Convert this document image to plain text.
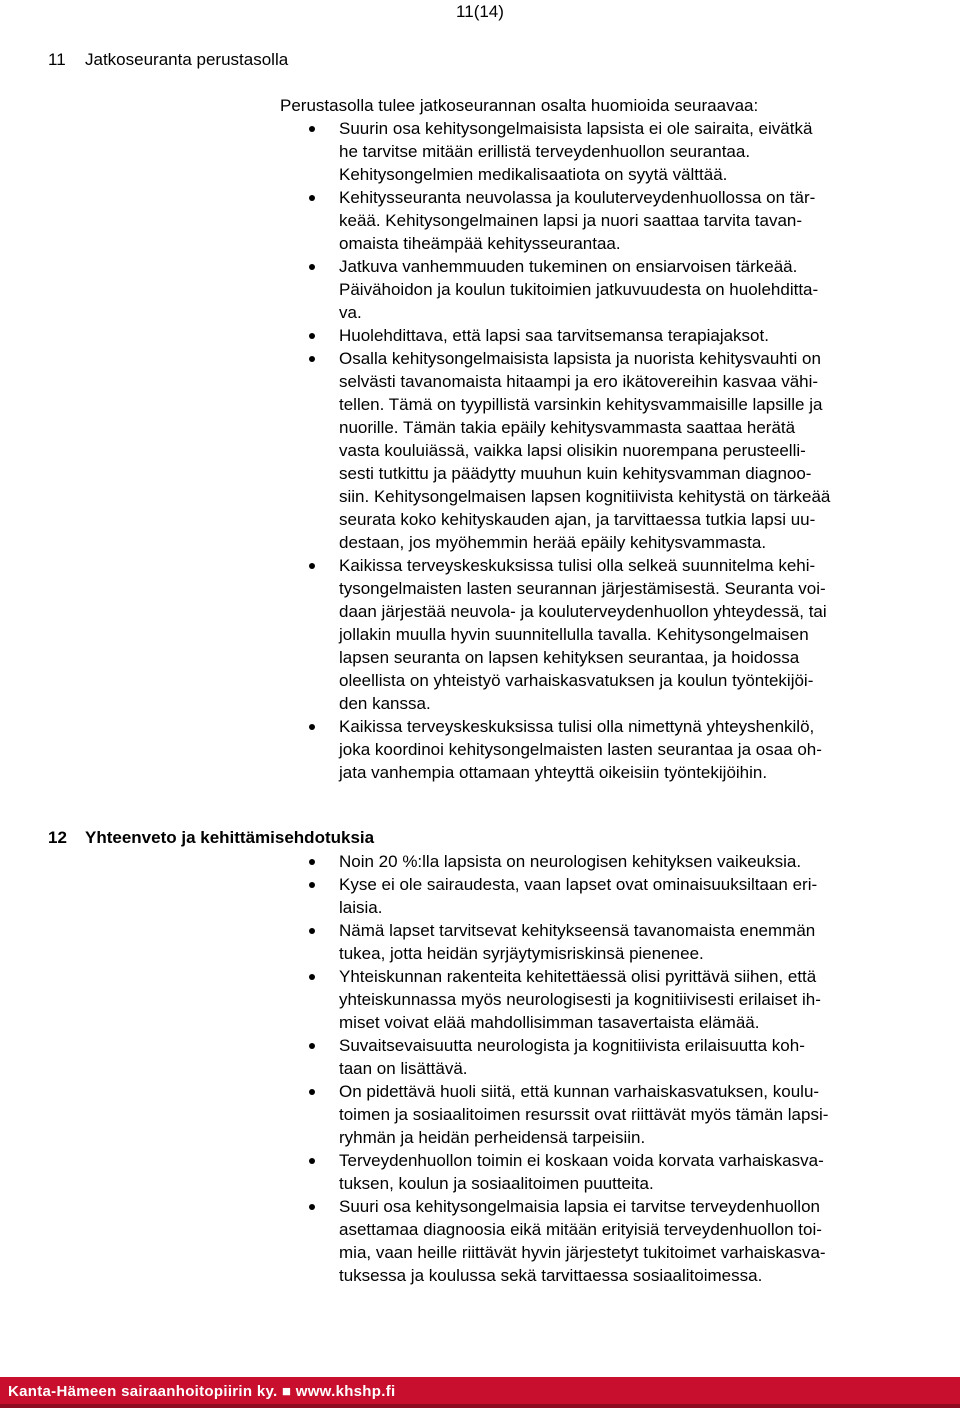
11(14)
11 Jatkoseuranta perustasolla

Perustasolla tulee jatkoseurannan osalta huomioida seuraavaa:

Suurin osa kehitysongelmaisista lapsista ei ole sairaita, eivätkä
he tarvitse mitään erillistä terveydenhuollon seurantaa.
Kehitysongelmien medikalisaatiota on syytä välttää.
Kehitysseuranta neuvolassa ja kouluterveydenhuollossa on tär-
keää. Kehitysongelmainen lapsi ja nuori saattaa tarvita tavan-
omaista tiheämpää kehitysseurantaa.
Jatkuva vanhemmuuden tukeminen on ensiarvoisen tärkeää.
Päivähoidon ja koulun tukitoimien jatkuvuudesta on huolehditta-
va.
Huolehdittava, että lapsi saa tarvitsemansa terapiajaksot.
Osalla kehitysongelmaisista lapsista ja nuorista kehitysvauhti on
selvästi tavanomaista hitaampi ja ero ikätovereihin kasvaa vähi-
tellen. Tämä on tyypillistä varsinkin kehitysvammaisille lapsille ja
nuorille. Tämän takia epäily kehitysvammasta saattaa herätä
vasta kouluiässä, vaikka lapsi olisikin nuorempana perusteelli-
sesti tutkittu ja päädytty muuhun kuin kehitysvamman diagnoo-
siin. Kehitysongelmaisen lapsen kognitiivista kehitystä on tärkeää
seurata koko kehityskauden ajan, ja tarvittaessa tutkia lapsi uu-
destaan, jos myöhemmin herää epäily kehitysvammasta.
Kaikissa terveyskeskuksissa tulisi olla selkeä suunnitelma kehi-
tysongelmaisten lasten seurannan järjestämisestä. Seuranta voi-
daan järjestää neuvola- ja kouluterveydenhuollon yhteydessä, tai
jollakin muulla hyvin suunnitellulla tavalla. Kehitysongelmaisen
lapsen seuranta on lapsen kehityksen seurantaa, ja hoidossa
oleellista on yhteistyö varhaiskasvatuksen ja koulun työntekijöi-
den kanssa.
Kaikissa terveyskeskuksissa tulisi olla nimettynä yhteyshenkilö,
joka koordinoi kehitysongelmaisten lasten seurantaa ja osaa oh-
jata vanhempia ottamaan yhteyttä oikeisiin työntekijöihin.
12 Yhteenveto ja kehittämisehdotuksia
Noin 20 %:lla lapsista on neurologisen kehityksen vaikeuksia.
Kyse ei ole sairaudesta, vaan lapset ovat ominaisuuksiltaan eri-
laisia.
Nämä lapset tarvitsevat kehitykseensä tavanomaista enemmän
tukea, jotta heidän syrjäytymisriskinsä pienenee.
Yhteiskunnan rakenteita kehitettäessä olisi pyrittävä siihen, että
yhteiskunnassa myös neurologisesti ja kognitiivisesti erilaiset ih-
miset voivat elää mahdollisimman tasavertaista elämää.
Suvaitsevaisuutta neurologista ja kognitiivista erilaisuutta koh-
taan on lisättävä.
On pidettävä huoli siitä, että kunnan varhaiskasvatuksen, koulu-
toimen ja sosiaalitoimen resurssit ovat riittävät myös tämän lapsi-
ryhmän ja heidän perheidensä tarpeisiin.
Terveydenhuollon toimin ei koskaan voida korvata varhaiskasva-
tuksen, koulun ja sosiaalitoimen puutteita.
Suuri osa kehitysongelmaisia lapsia ei tarvitse terveydenhuollon
asettamaa diagnoosia eikä mitään erityisiä terveydenhuollon toi-
mia, vaan heille riittävät hyvin järjestetyt tukitoimet varhaiskasva-
tuksessa ja koulussa sekä tarvittaessa sosiaalitoimessa.
Kanta-Hämeen sairaanhoitopiirin ky. ■ www.khshp.fi
